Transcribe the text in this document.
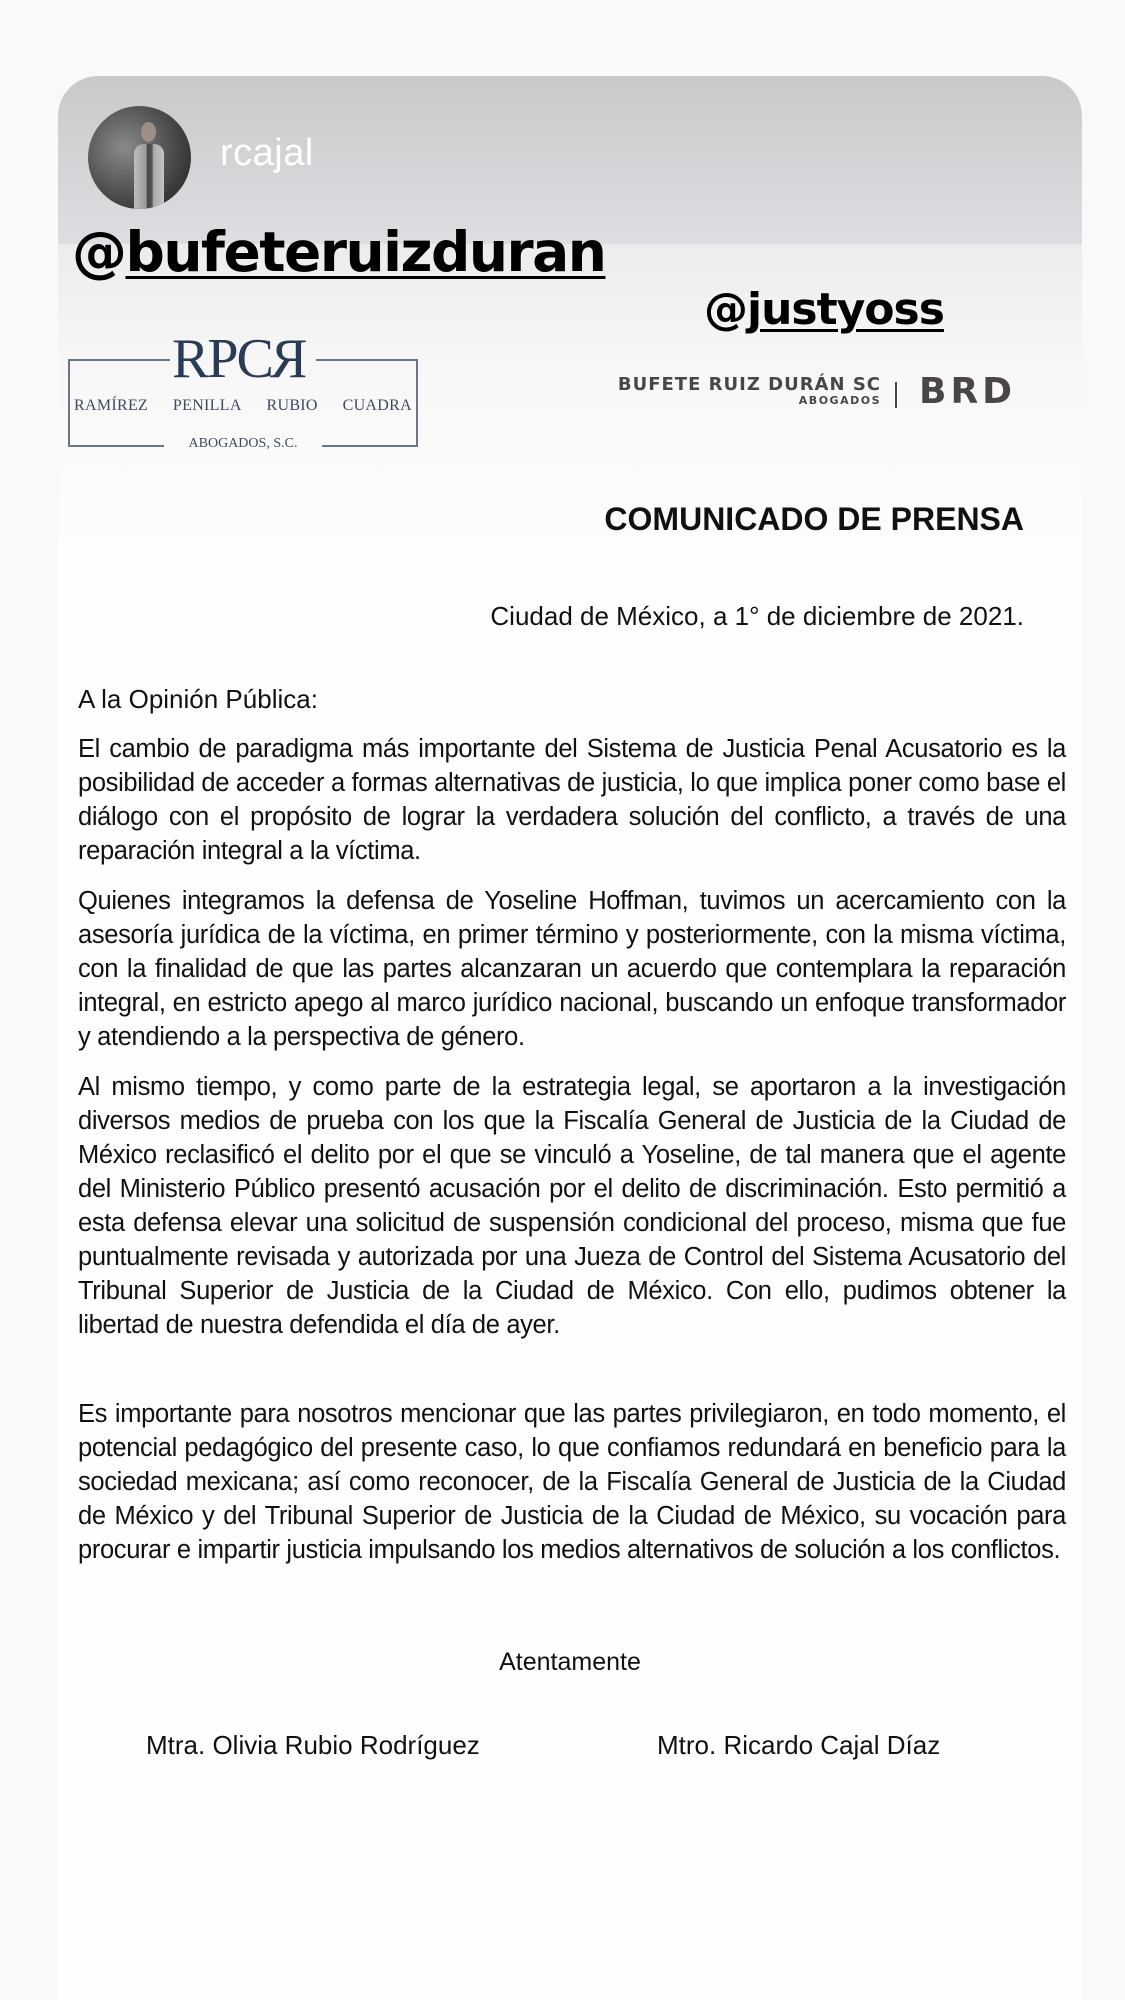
rcajal
@bufeteruizduran
@justyoss
RPCR
RAMÍREZ PENILLA RUBIO CUADRA
ABOGADOS, S.C.
BUFETE RUIZ DURÁN SC
ABOGADOS BRD
COMUNICADO DE PRENSA
Ciudad de México, a 1° de diciembre de 2021.
A la Opinión Pública:
El cambio de paradigma más importante del Sistema de Justicia Penal Acusatorio es la posibilidad de acceder a formas alternativas de justicia, lo que implica poner como base el diálogo con el propósito de lograr la verdadera solución del conflicto, a través de una reparación integral a la víctima.
Quienes integramos la defensa de Yoseline Hoffman, tuvimos un acercamiento con la asesoría jurídica de la víctima, en primer término y posteriormente, con la misma víctima, con la finalidad de que las partes alcanzaran un acuerdo que contemplara la reparación integral, en estricto apego al marco jurídico nacional, buscando un enfoque transformador y atendiendo a la perspectiva de género.
Al mismo tiempo, y como parte de la estrategia legal, se aportaron a la investigación diversos medios de prueba con los que la Fiscalía General de Justicia de la Ciudad de México reclasificó el delito por el que se vinculó a Yoseline, de tal manera que el agente del Ministerio Público presentó acusación por el delito de discriminación. Esto permitió a esta defensa elevar una solicitud de suspensión condicional del proceso, misma que fue puntualmente revisada y autorizada por una Jueza de Control del Sistema Acusatorio del Tribunal Superior de Justicia de la Ciudad de México. Con ello, pudimos obtener la libertad de nuestra defendida el día de ayer.
Es importante para nosotros mencionar que las partes privilegiaron, en todo momento, el potencial pedagógico del presente caso, lo que confiamos redundará en beneficio para la sociedad mexicana; así como reconocer, de la Fiscalía General de Justicia de la Ciudad de México y del Tribunal Superior de Justicia de la Ciudad de México, su vocación para procurar e impartir justicia impulsando los medios alternativos de solución a los conflictos.
Atentamente
Mtra. Olivia Rubio Rodríguez	Mtro. Ricardo Cajal Díaz
